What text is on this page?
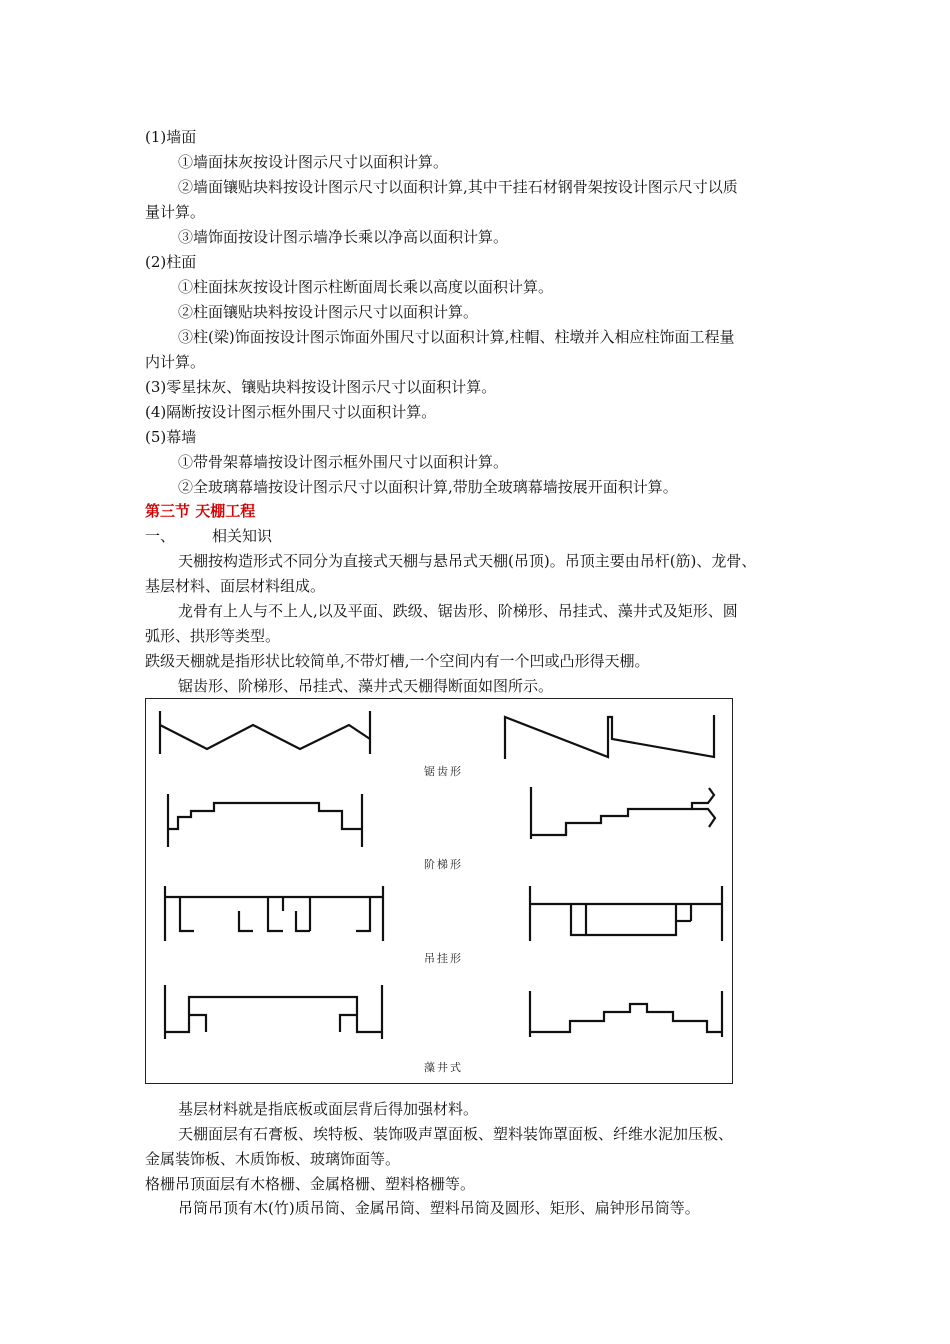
(1)墙面
①墙面抹灰按设计图示尺寸以面积计算。
②墙面镶贴块料按设计图示尺寸以面积计算,其中干挂石材钢骨架按设计图示尺寸以质
量计算。
③墙饰面按设计图示墙净长乘以净高以面积计算。
(2)柱面
①柱面抹灰按设计图示柱断面周长乘以高度以面积计算。
②柱面镶贴块料按设计图示尺寸以面积计算。
③柱(梁)饰面按设计图示饰面外围尺寸以面积计算,柱帽、柱墩并入相应柱饰面工程量
内计算。
(3)零星抹灰、镶贴块料按设计图示尺寸以面积计算。
(4)隔断按设计图示框外围尺寸以面积计算。
(5)幕墙
①带骨架幕墙按设计图示框外围尺寸以面积计算。
②全玻璃幕墙按设计图示尺寸以面积计算,带肋全玻璃幕墙按展开面积计算。
第三节 天棚工程
一、 相关知识
天棚按构造形式不同分为直接式天棚与悬吊式天棚(吊顶)。吊顶主要由吊杆(筋)、龙骨、
基层材料、面层材料组成。
龙骨有上人与不上人,以及平面、跌级、锯齿形、阶梯形、吊挂式、藻井式及矩形、圆
弧形、拱形等类型。
跌级天棚就是指形状比较简单,不带灯槽,一个空间内有一个凹或凸形得天棚。
锯齿形、阶梯形、吊挂式、藻井式天棚得断面如图所示。
锯齿形
阶梯形
吊挂形
藻井式
基层材料就是指底板或面层背后得加强材料。
天棚面层有石膏板、埃特板、装饰吸声罩面板、塑料装饰罩面板、纤维水泥加压板、
金属装饰板、木质饰板、玻璃饰面等。
格栅吊顶面层有木格栅、金属格栅、塑料格栅等。
吊筒吊顶有木(竹)质吊筒、金属吊筒、塑料吊筒及圆形、矩形、扁钟形吊筒等。
